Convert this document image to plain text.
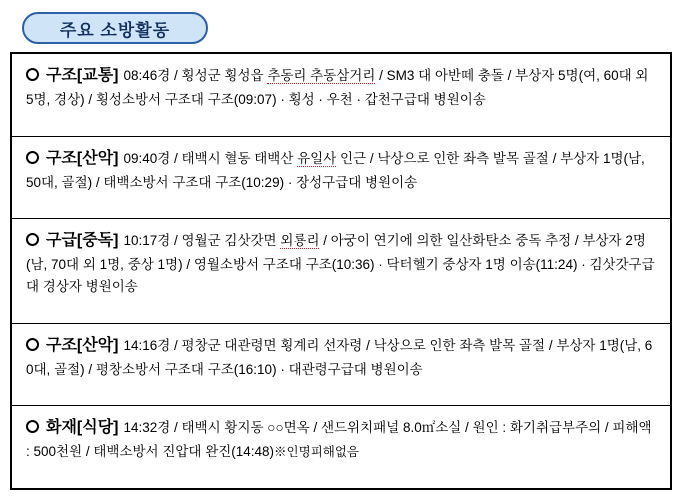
주요 소방활동
구조[교통] 08:46경 / 횡성군 횡성읍 추동리 추동삼거리 / SM3 대 아반떼 충돌 / 부상자 5명(여, 60대 외 5명, 경상) / 횡성소방서 구조대 구조(09:07) · 횡성 · 우천 · 갑천구급대 병원이송
구조[산악] 09:40경 / 태백시 혈동 태백산 유일사 인근 / 낙상으로 인한 좌측 발목 골절 / 부상자 1명(남, 50대, 골절) / 태백소방서 구조대 구조(10:29) · 장성구급대 병원이송
구급[중독] 10:17경 / 영월군 김삿갓면 외룡리 / 아궁이 연기에 의한 일산화탄소 중독 추정 / 부상자 2명(남, 70대 외 1명, 중상 1명) / 영월소방서 구조대 구조(10:36) · 닥터헬기 중상자 1명 이송(11:24) · 김삿갓구급대 경상자 병원이송
구조[산악] 14:16경 / 평창군 대관령면 횡계리 선자령 / 낙상으로 인한 좌측 발목 골절 / 부상자 1명(남, 60대, 골절) / 평창소방서 구조대 구조(16:10) · 대관령구급대 병원이송
화재[식당] 14:32경 / 태백시 황지동 ○○면옥 / 샌드위치패널 8.0㎡소실 / 원인 : 화기취급부주의 / 피해액 : 500천원 / 태백소방서 진압대 완진(14:48)※인명피해없음
